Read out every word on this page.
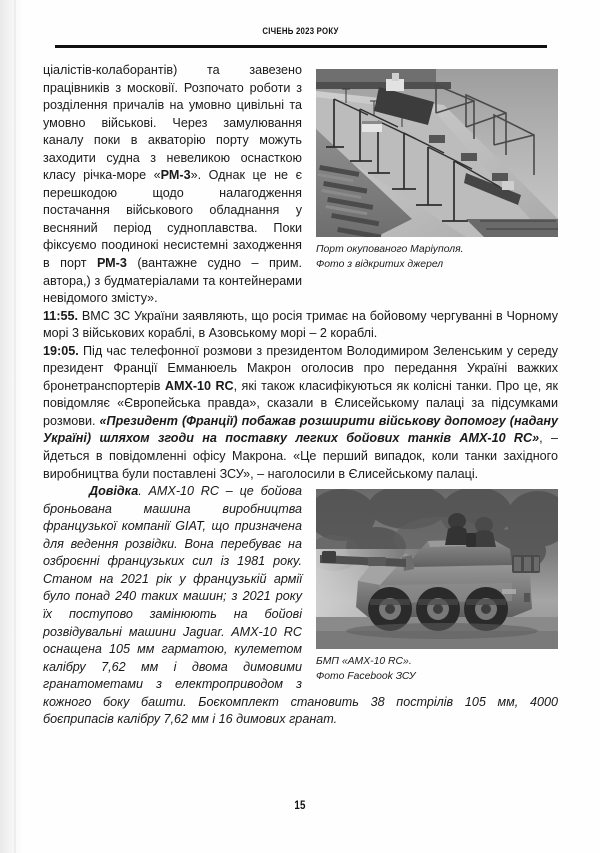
СІЧЕНЬ 2023 РОКУ
Порт окупованого Маріуполя.
Фото з відкритих джерел

ціалістів-колаборантів) та завезено працівників з московії. Розпочато роботи з розділення причалів на умовно цивільні та умовно військові. Через замулювання каналу поки в акваторію порту можуть заходити судна з невеликою оснасткою класу річка-море «РМ-3». Однак це не є перешкодою щодо налагодження постачання військового обладнання у весняний період судноплавства. Поки фіксуємо поодинокі несистемні заходження в порт РМ-3 (вантажне судно – прим. автора,) з будматеріалами та контейнерами невідомого змісту».

11:55. ВМС ЗС України заявляють, що росія тримає на бойовому чергуванні в Чорному морі 3 військових кораблі, в Азовському морі – 2 кораблі.

19:05. Під час телефонної розмови з президентом Володимиром Зеленським у середу президент Франції Емманюель Макрон оголосив про передання Україні важких бронетранспортерів AMX-10 RC, які також класифікуються як колісні танки. Про це, як повідомляє «Європейська правда», сказали в Єлисейському палаці за підсумками розмови. «Президент (Франції) побажав розширити військову допомогу (надану Україні) шляхом згоди на поставку легких бойових танків AMX-10 RC», – йдеться в повідомленні офісу Макрона. «Це перший випадок, коли танки західного виробництва були поставлені ЗСУ», – наголосили в Єлисейському палаці.

БМП «AMX-10 RC».
Фото Facebook ЗСУ

Довідка. AMX-10 RC – це бойова броньована машина виробництва французької компанії GIAT, що призначена для ведення розвідки. Вона перебуває на озброєнні французьких сил із 1981 року. Станом на 2021 рік у французькій армії було понад 240 таких машин; з 2021 року їх поступово замінюють на бойові розвідувальні машини Jaguar. AMX-10 RC оснащена 105 мм гарматою, кулеметом калібру 7,62 мм і двома димовими гранатометами з електроприводом з кожного боку башти. Боєкомплект становить 38 пострілів 105 мм, 4000 боєприпасів калібру 7,62 мм і 16 димових гранат.

15
